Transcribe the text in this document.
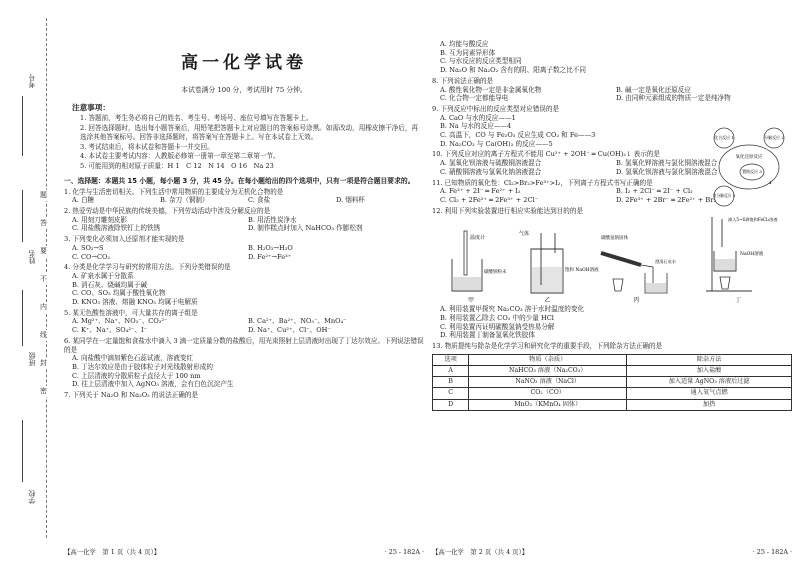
考号
姓名
班级
学校
题
答
要
不
内
线
封
密
高一化学试卷
本试卷满分 100 分，考试用时 75 分钟。
注意事项：

1. 答题前，考生务必将自己的姓名、考生号、考场号、座位号填写在答题卡上。

2. 回答选择题时，选出每小题答案后，用铅笔把答题卡上对应题目的答案标号涂黑。如需改动，用橡皮擦干净后，再选涂其他答案标号。回答非选择题时，将答案写在答题卡上。写在本试卷上无效。

3. 考试结束后，将本试卷和答题卡一并交回。

4. 本试卷主要考试内容：人教版必修第一册第一章至第二章第一节。

5. 可能用到的相对原子质量：H 1　C 12　N 14　O 16　Na 23

一、选择题：本题共 15 小题，每小题 3 分，共 45 分。在每小题给出的四个选项中，只有一项是符合题目要求的。
1. 化学与生活密切相关。下列生活中常用物质的主要成分为无机化合物的是
A. 白糖	B. 杂刀（铜制）	C. 食盐	D. 烟料杯
2. 热爱劳动是中华民族的传统美德，下列劳动活动中涉及分解反应的是
A. 用刻刀雕刻皮影	B. 用活性炭净水
C. 用盐酸溶液除铁钉上的铁锈	D. 制作糕点时加入 NaHCO₃ 作膨松剂
3. 下列变化必须加入还原剂才能实现的是
A. SO₂→S	B. H₂O₂→H₂O
C. CO→CO₂	D. Fe²⁺→Fe³⁺
4. 分类是化学学习与研究的常用方法。下列分类错误的是
A. 矿泉水属于分散系
B. 消石灰、烧碱均属于碱
C. CO、SO₂ 均属于酸性氧化物
D. KNO₃ 溶液、熔融 KNO₃ 均属于电解质
5. 某无色酸性溶液中，可大量共存的离子组是
A. Mg²⁺、Na⁺、NO₃⁻、CO₃²⁻	B. Ca²⁺、Ba²⁺、NO₃⁻、MnO₄⁻
C. K⁺、Na⁺、SO₄²⁻、I⁻	D. Na⁺、Cu²⁺、Cl⁻、OH⁻
6. 某同学在一定量饱和食盐水中滴入 3 滴一定质量分数的盐酸后，用光束照射上层清液时出现了丁达尔效应。下列说法错误的是
A. 向盐酸中滴加紫色石蕊试液，溶液变红
B. 丁达尔效应是由于胶体粒子对光线散射形成的
C. 上层清液的分散质粒子直径大于 100 nm
D. 往上层清液中加入 AgNO₃ 溶液，会有白色沉淀产生
7. 下列关于 Na₂O 和 Na₂O₂ 的说法正确的是
【高一化学　第 1 页（共 4 页）】	· 25 - 182A ·
A. 均能与酸反应
B. 互为同素异形体
C. 与水反应的反应类型相同
D. Na₂O 和 Na₂O₂ 含有的阴、阳离子数之比不同
8. 下列说法正确的是
A. 酸性氧化物一定是非金属氧化物	B. 碱一定是氧化还原反应
C. 化合物一定都能导电	D. 由同种元素组成的物质一定是纯净物
9. 下列反应中标出的反应类型对应错误的是
A. CaO 与水的反应——1
B. Na 与水的反应——4
C. 高温下，CO 与 Fe₂O₃ 反应生成 CO₂ 和 Fe——3
D. Na₂CO₃ 与 Ca(OH)₂ 的反应——5
10. 下列反应对应的离子方程式不能用 Cu²⁺ + 2OH⁻ ═ Cu(OH)₂↓ 表示的是
A. 氢氧化钡溶液与硫酸铜溶液混合	B. 氢氧化钾溶液与氯化铜溶液混合
C. 硝酸铜溶液与氢氧化钠溶液混合	D. 氢氧化钡溶液与氯化铜溶液混合
11. 已知物质的氧化性：Cl₂>Br₂>Fe³⁺>I₂，下列离子方程式书写正确的是
A. Fe³⁺ + 2I⁻ ═ Fe²⁺ + I₂	B. I₂ + 2Cl⁻ ═ 2I⁻ + Cl₂
C. Cl₂ + 2Fe²⁺ ═ 2Fe³⁺ + 2Cl⁻	D. 2Fe³⁺ + 2Br⁻ ═ 2Fe²⁺ + Br₂
12. 利用下列实验装置进行相应实验能达到目的的是
氧化还原反应
化合反应 1	分解反应 2
置换反应 3
复分解反应 5
4
温度计
碳酸钠粉末
甲
气体
饱和 NaOH溶液
乙
碳酸氢钠固体
澄清石灰水
丙
滴入5~6滴饱和FeCl₃溶液
NaOH溶液
丁
A. 利用装置甲探究 Na₂CO₃ 溶于水时温度的变化
B. 利用装置乙除去 CO₂ 中的少量 HCl
C. 利用装置丙证明碳酸氢钠受热易分解
D. 利用装置丁制备氢氧化铁胶体
13. 物质提纯与除杂是化学学习和研究化学的重要手段，下列除杂方法正确的是
选项	物质（杂质）	除杂方法
A	NaHCO₃ 溶液（Na₂CO₃）	加入盐酸
B	NaNO₃ 溶液（NaCl）	加入适量 AgNO₃ 溶液后过滤
C	CO₂（CO）	通入氧气点燃
D	MnO₂（KMnO₄ 固体）	加热
【高一化学　第 2 页（共 4 页）】	· 25 - 182A ·
